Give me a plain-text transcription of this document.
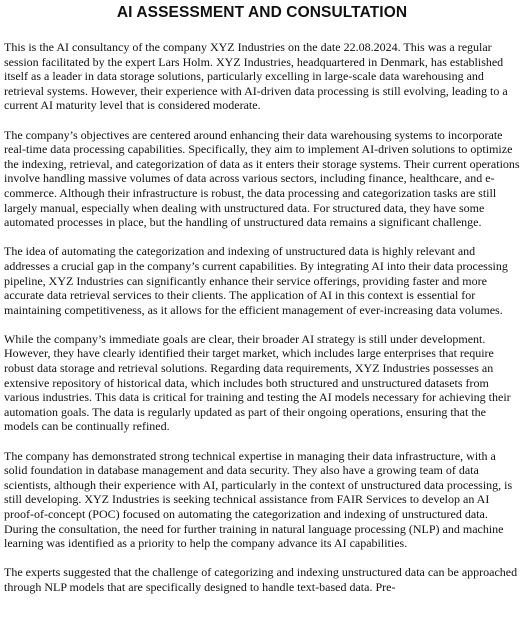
AI ASSESSMENT AND CONSULTATION

This is the AI consultancy of the company XYZ Industries on the date 22.08.2024. This was a regular session facilitated by the expert Lars Holm. XYZ Industries, headquartered in Denmark, has established itself as a leader in data storage solutions, particularly excelling in large-scale data warehousing and retrieval systems. However, their experience with AI-driven data processing is still evolving, leading to a current AI maturity level that is considered moderate.

The company’s objectives are centered around enhancing their data warehousing systems to incorporate real-time data processing capabilities. Specifically, they aim to implement AI-driven solutions to optimize the indexing, retrieval, and categorization of data as it enters their storage systems. Their current operations involve handling massive volumes of data across various sectors, including finance, healthcare, and e-commerce. Although their infrastructure is robust, the data processing and categorization tasks are still largely manual, especially when dealing with unstructured data. For structured data, they have some automated processes in place, but the handling of unstructured data remains a significant challenge.

The idea of automating the categorization and indexing of unstructured data is highly relevant and addresses a crucial gap in the company’s current capabilities. By integrating AI into their data processing pipeline, XYZ Industries can significantly enhance their service offerings, providing faster and more accurate data retrieval services to their clients. The application of AI in this context is essential for maintaining competitiveness, as it allows for the efficient management of ever-increasing data volumes.

While the company’s immediate goals are clear, their broader AI strategy is still under development. However, they have clearly identified their target market, which includes large enterprises that require robust data storage and retrieval solutions. Regarding data requirements, XYZ Industries possesses an extensive repository of historical data, which includes both structured and unstructured datasets from various industries. This data is critical for training and testing the AI models necessary for achieving their automation goals. The data is regularly updated as part of their ongoing operations, ensuring that the models can be continually refined.

The company has demonstrated strong technical expertise in managing their data infrastructure, with a solid foundation in database management and data security. They also have a growing team of data scientists, although their experience with AI, particularly in the context of unstructured data processing, is still developing. XYZ Industries is seeking technical assistance from FAIR Services to develop an AI proof-of-concept (POC) focused on automating the categorization and indexing of unstructured data. During the consultation, the need for further training in natural language processing (NLP) and machine learning was identified as a priority to help the company advance its AI capabilities.

The experts suggested that the challenge of categorizing and indexing unstructured data can be approached through NLP models that are specifically designed to handle text-based data. Pre-
